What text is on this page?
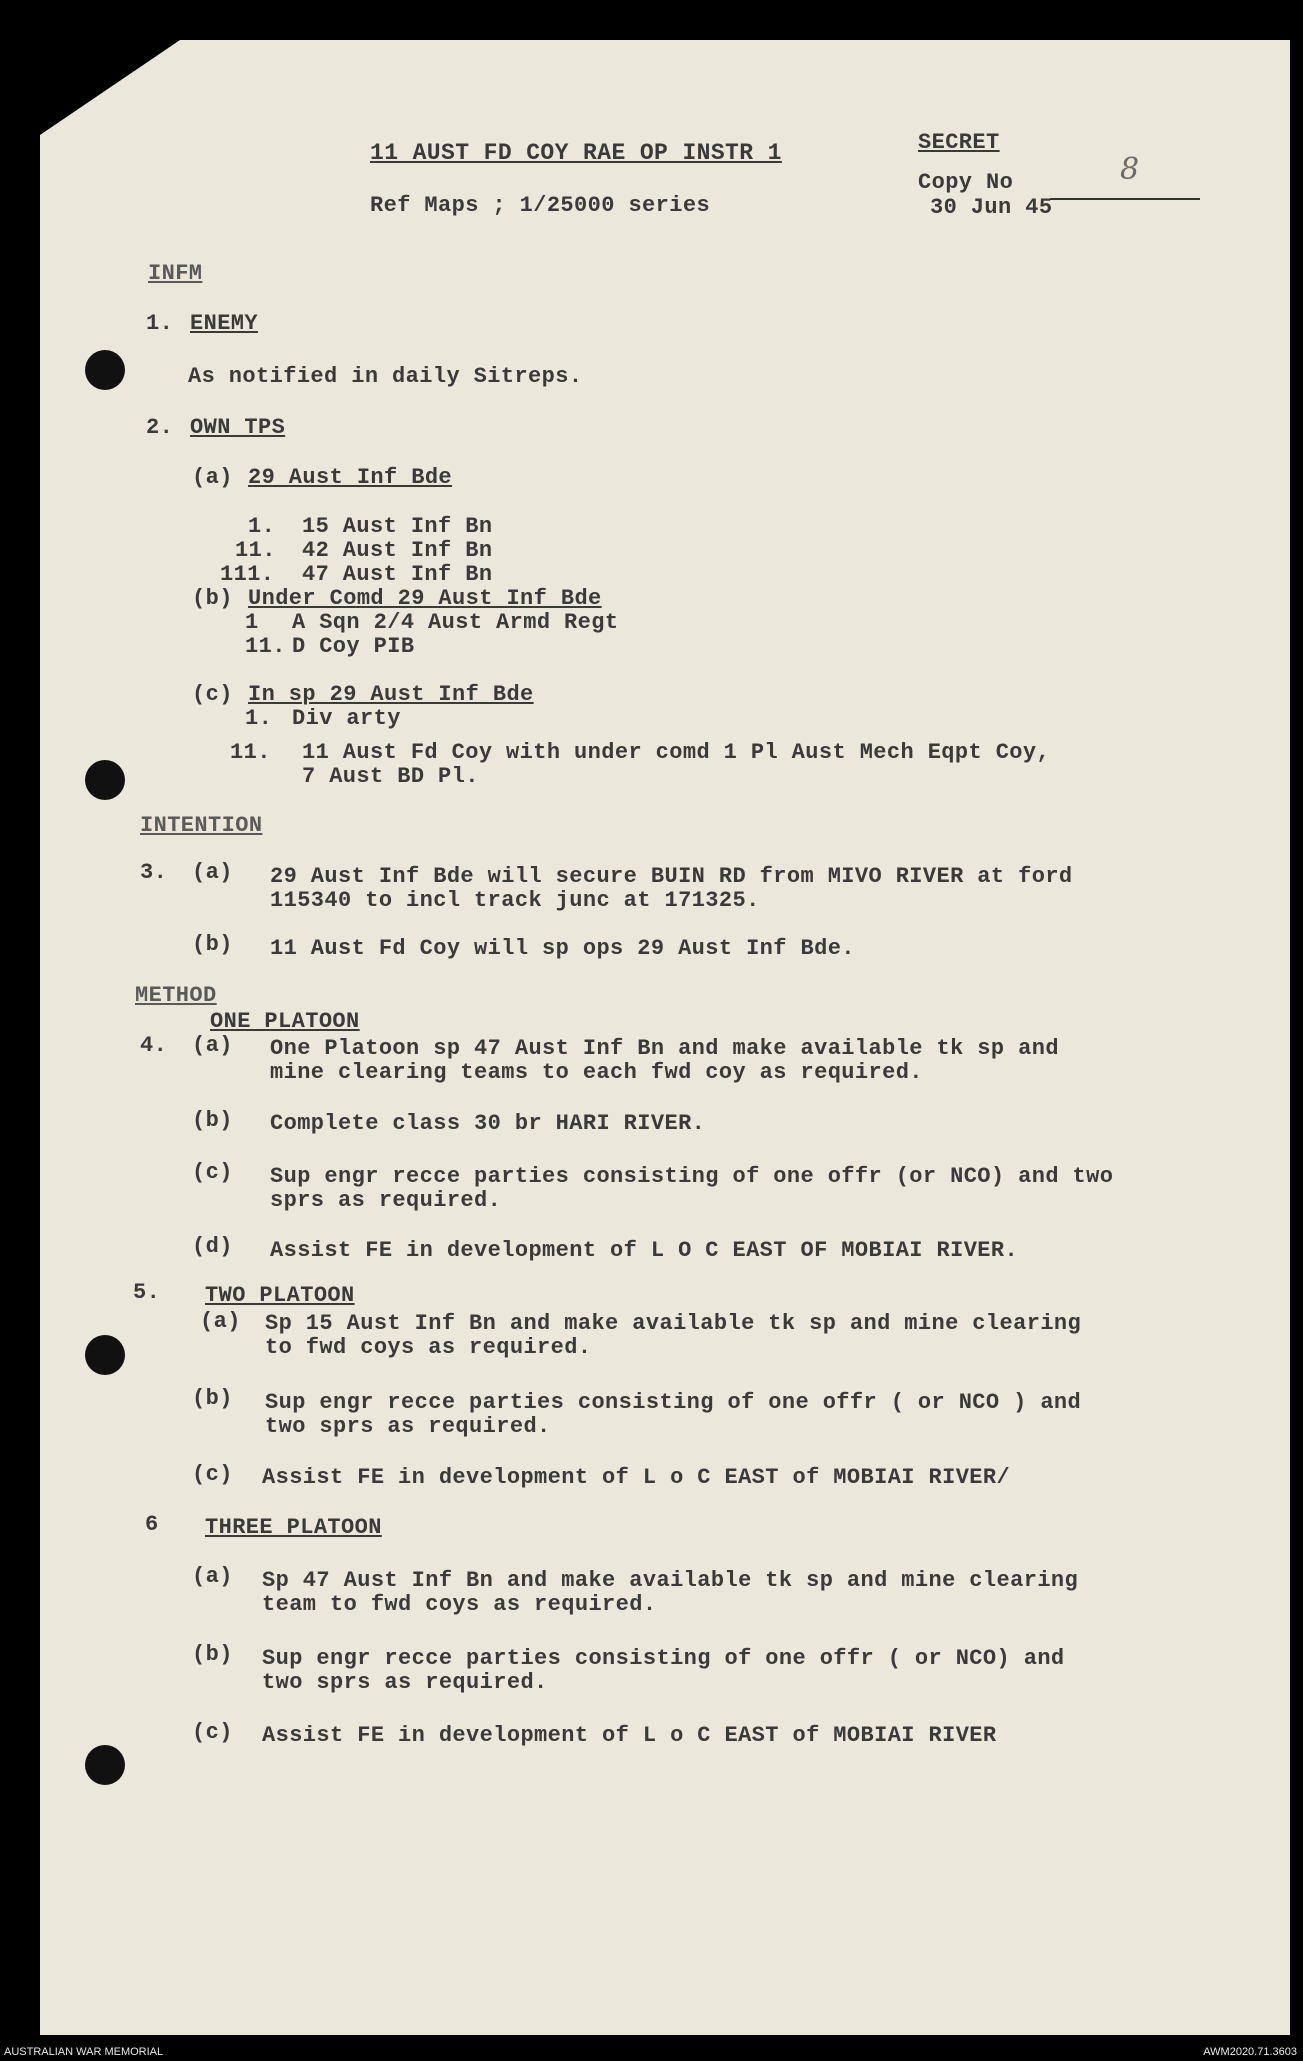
11 AUST FD COY RAE OP INSTR 1
Ref Maps ; 1/25000 series
SECRET
Copy No	8
30 Jun 45
INFM
1. ENEMY
As notified in daily Sitreps.
2. OWN TPS
(a) 29 Aust Inf Bde
1. 15 Aust Inf Bn
11. 42 Aust Inf Bn
111. 47 Aust Inf Bn
(b) Under Comd 29 Aust Inf Bde
1 A Sqn 2/4 Aust Armd Regt
11. D Coy PIB
(c) In sp 29 Aust Inf Bde
1. Div arty
11. 11 Aust Fd Coy with under comd 1 Pl Aust Mech Eqpt Coy,
7 Aust BD Pl.
INTENTION
3. (a) 29 Aust Inf Bde will secure BUIN RD from MIVO RIVER at ford
115340 to incl track junc at 171325.
(b) 11 Aust Fd Coy will sp ops 29 Aust Inf Bde.
METHOD
4.
ONE PLATOON
(a) One Platoon sp 47 Aust Inf Bn and make available tk sp and
mine clearing teams to each fwd coy as required.
(b) Complete class 30 br HARI RIVER.
(c) Sup engr recce parties consisting of one offr (or NCO) and two
sprs as required.
(d) Assist FE in development of L O C EAST OF MOBIAI RIVER.
5. TWO PLATOON
(a) Sp 15 Aust Inf Bn and make available tk sp and mine clearing
to fwd coys as required.
(b) Sup engr recce parties consisting of one offr ( or NCO ) and
two sprs as required.
(c) Assist FE in development of L o C EAST of MOBIAI RIVER/
6 THREE PLATOON
(a) Sp 47 Aust Inf Bn and make available tk sp and mine clearing
team to fwd coys as required.
(b) Sup engr recce parties consisting of one offr ( or NCO) and
two sprs as required.
(c) Assist FE in development of L o C EAST of MOBIAI RIVER
AUSTRALIAN WAR MEMORIAL	AWM2020.71.3603
